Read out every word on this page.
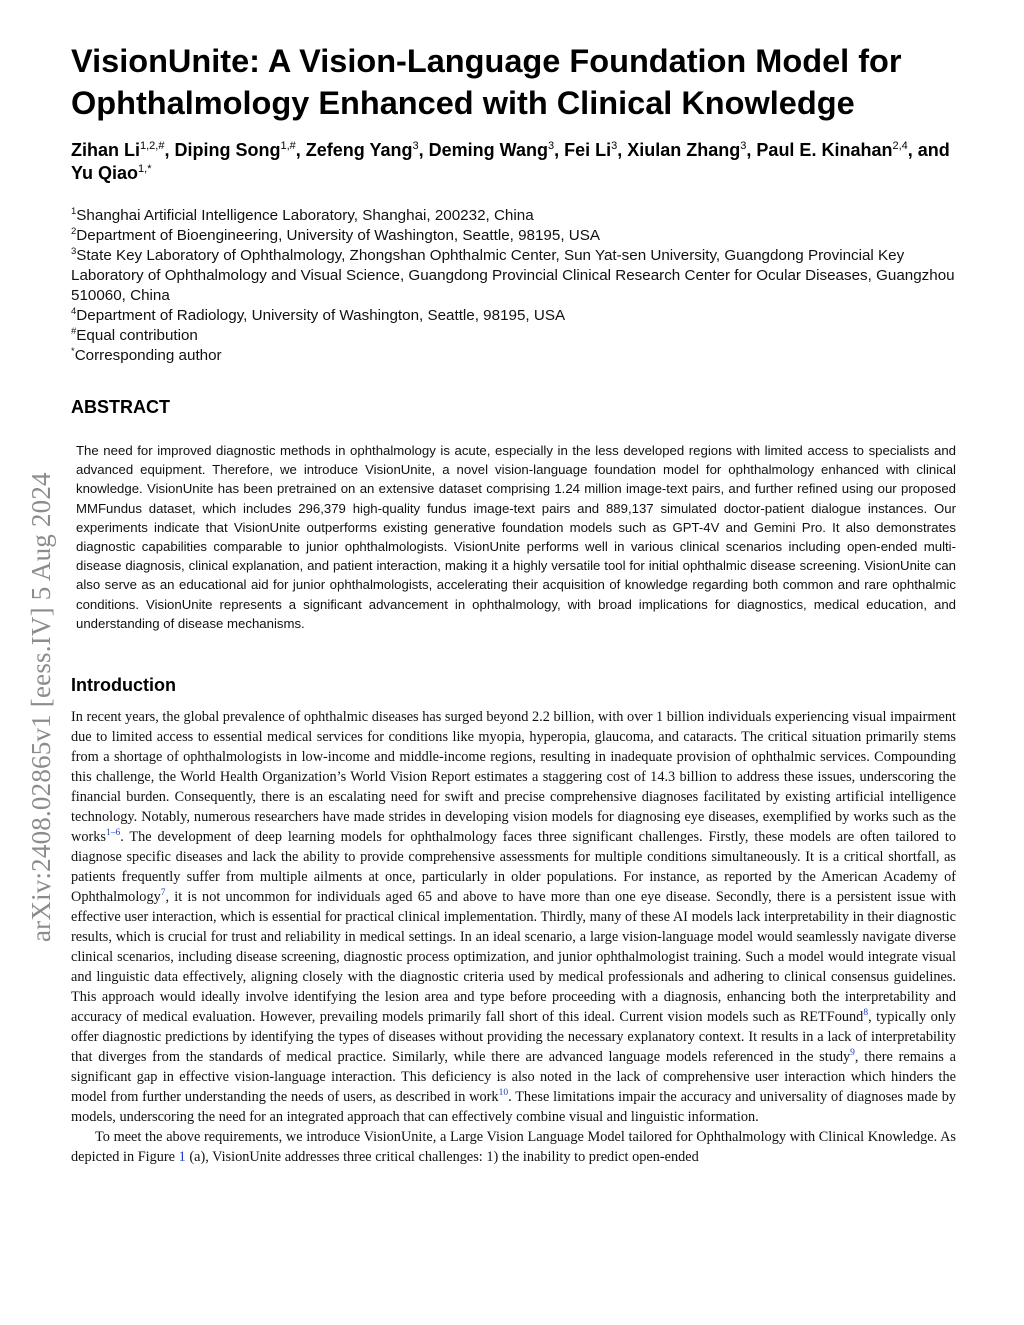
arXiv:2408.02865v1 [eess.IV] 5 Aug 2024
VisionUnite: A Vision-Language Foundation Model for Ophthalmology Enhanced with Clinical Knowledge
Zihan $Li^{1,2,\#}$, Diping Song$^{1,\#}$, Zefeng Yang$^3$, Deming Wang$^3$, Fei Li$^3$, Xiulan Zhang$^3$, Paul E. Kinahan$^{2,4}$, and Yu Qiao$^{1,*}$
$^1$Shanghai Artificial Intelligence Laboratory, Shanghai, 200232, China
$^2$Department of Bioengineering, University of Washington, Seattle, 98195, USA
$^3$State Key Laboratory of Ophthalmology, Zhongshan Ophthalmic Center, Sun Yat-sen University, Guangdong Provincial Key Laboratory of Ophthalmology and Visual Science, Guangdong Provincial Clinical Research Center for Ocular Diseases, Guangzhou 510060, China
$^4$Department of Radiology, University of Washington, Seattle, 98195, USA
#Equal contribution
*Corresponding author
ABSTRACT
The need for improved diagnostic methods in ophthalmology is acute, especially in the less developed regions with limited access to specialists and advanced equipment. Therefore, we introduce VisionUnite, a novel vision-language foundation model for ophthalmology enhanced with clinical knowledge. VisionUnite has been pretrained on an extensive dataset comprising 1.24 million image-text pairs, and further refined using our proposed MMFundus dataset, which includes 296,379 high-quality fundus image-text pairs and 889,137 simulated doctor-patient dialogue instances. Our experiments indicate that VisionUnite outperforms existing generative foundation models such as GPT-4V and Gemini Pro. It also demonstrates diagnostic capabilities comparable to junior ophthalmologists. VisionUnite performs well in various clinical scenarios including open-ended multi-disease diagnosis, clinical explanation, and patient interaction, making it a highly versatile tool for initial ophthalmic disease screening. VisionUnite can also serve as an educational aid for junior ophthalmologists, accelerating their acquisition of knowledge regarding both common and rare ophthalmic conditions. VisionUnite represents a significant advancement in ophthalmology, with broad implications for diagnostics, medical education, and understanding of disease mechanisms.
Introduction

In recent years, the global prevalence of ophthalmic diseases has surged beyond 2.2 billion, with over 1 billion individuals experiencing visual impairment due to limited access to essential medical services for conditions like myopia, hyperopia, glaucoma, and cataracts. The critical situation primarily stems from a shortage of ophthalmologists in low-income and middle-income regions, resulting in inadequate provision of ophthalmic services. Compounding this challenge, the World Health Organization’s World Vision Report estimates a staggering cost of 14.3 billion to address these issues, underscoring the financial burden. Consequently, there is an escalating need for swift and precise comprehensive diagnoses facilitated by existing artificial intelligence technology. Notably, numerous researchers have made strides in developing vision models for diagnosing eye diseases, exemplified by works such as the works$^{1-6}$. The development of deep learning models for ophthalmology faces three significant challenges. Firstly, these models are often tailored to diagnose specific diseases and lack the ability to provide comprehensive assessments for multiple conditions simultaneously. It is a critical shortfall, as patients frequently suffer from multiple ailments at once, particularly in older populations. For instance, as reported by the American Academy of Ophthalmology$^7$, it is not uncommon for individuals aged 65 and above to have more than one eye disease. Secondly, there is a persistent issue with effective user interaction, which is essential for practical clinical implementation. Thirdly, many of these AI models lack interpretability in their diagnostic results, which is crucial for trust and reliability in medical settings. In an ideal scenario, a large vision-language model would seamlessly navigate diverse clinical scenarios, including disease screening, diagnostic process optimization, and junior ophthalmologist training. Such a model would integrate visual and linguistic data effectively, aligning closely with the diagnostic criteria used by medical professionals and adhering to clinical consensus guidelines. This approach would ideally involve identifying the lesion area and type before proceeding with a diagnosis, enhancing both the interpretability and accuracy of medical evaluation. However, prevailing models primarily fall short of this ideal. Current vision models such as RETFound$^8$, typically only offer diagnostic predictions by identifying the types of diseases without providing the necessary explanatory context. It results in a lack of interpretability that diverges from the standards of medical practice. Similarly, while there are advanced language models referenced in the study$^9$, there remains a significant gap in effective vision-language interaction. This deficiency is also noted in the lack of comprehensive user interaction which hinders the model from further understanding the needs of users, as described in work$^{10}$. These limitations impair the accuracy and universality of diagnoses made by models, underscoring the need for an integrated approach that can effectively combine visual and linguistic information.

To meet the above requirements, we introduce VisionUnite, a Large Vision Language Model tailored for Ophthalmology with Clinical Knowledge. As depicted in Figure 1 (a), VisionUnite addresses three critical challenges: 1) the inability to predict open-ended
